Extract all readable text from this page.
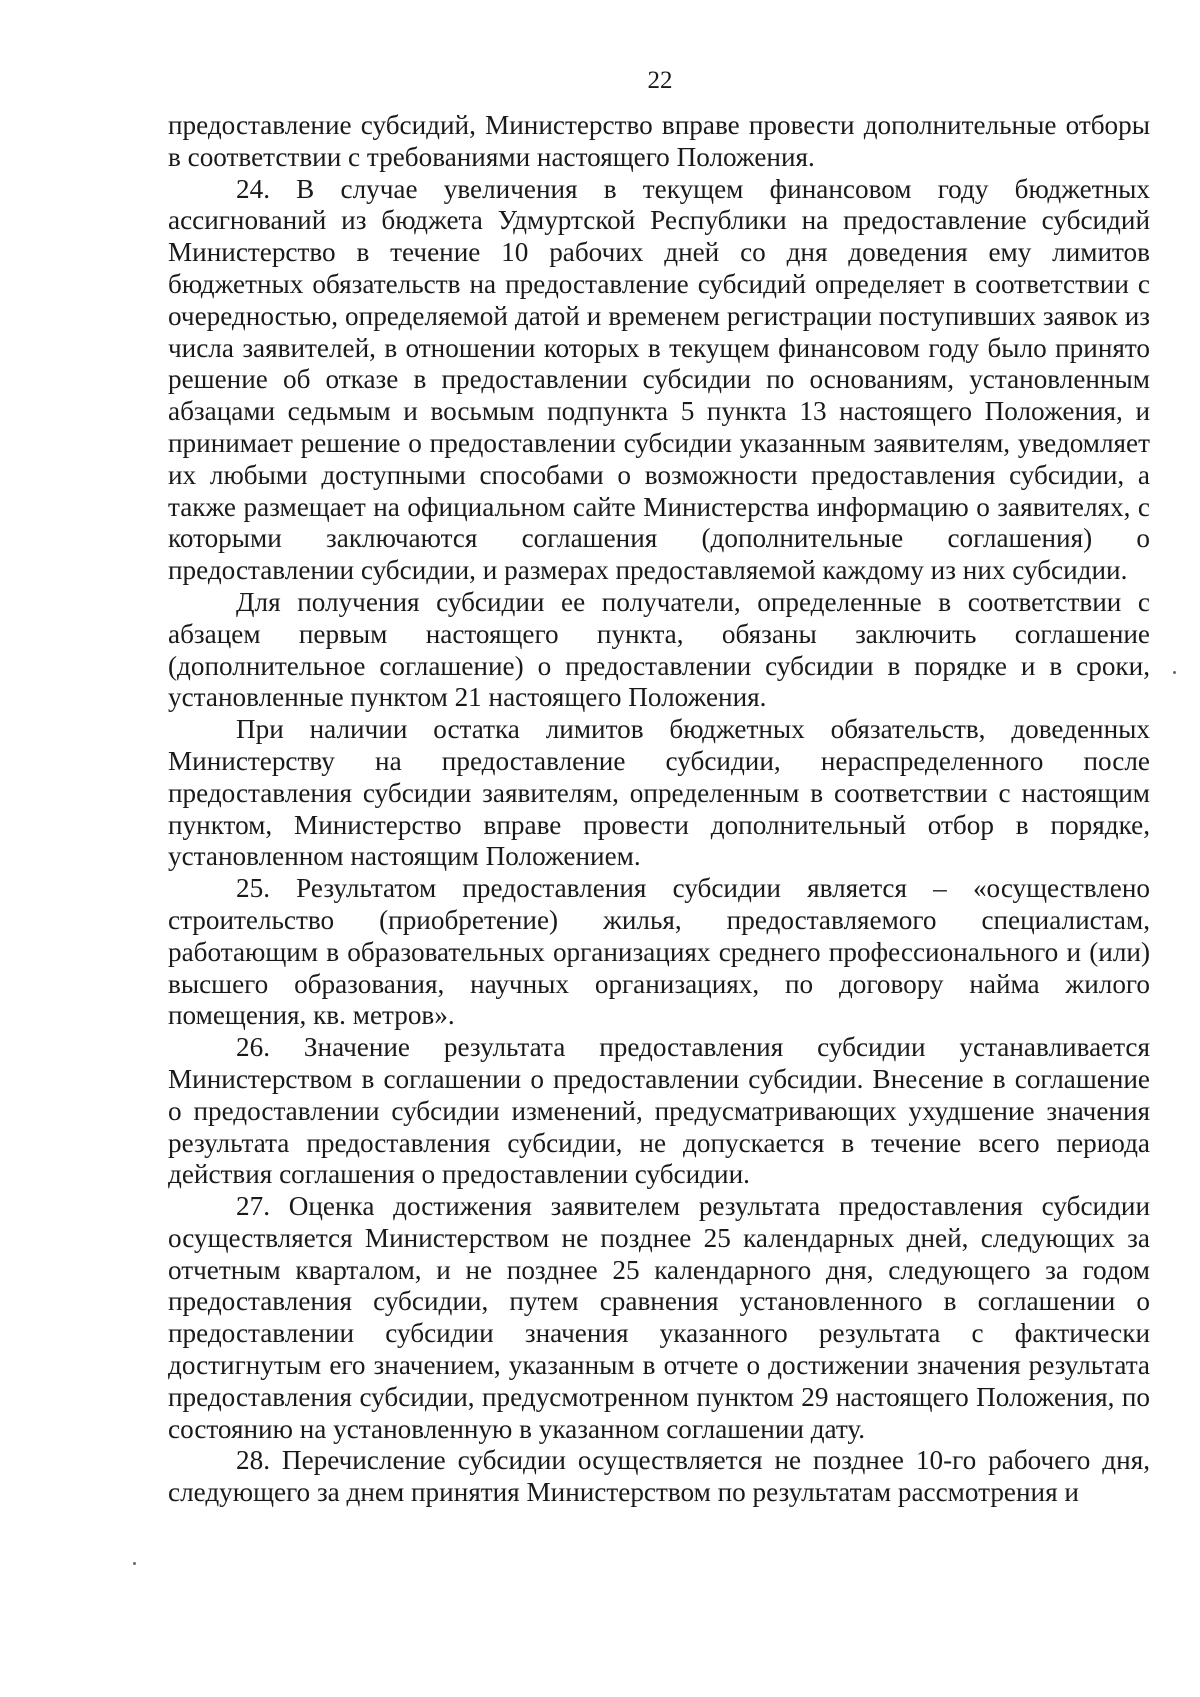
22

предоставление субсидий, Министерство вправе провести дополнительные отборы в соответствии с требованиями настоящего Положения.

24. В случае увеличения в текущем финансовом году бюджетных ассигнований из бюджета Удмуртской Республики на предоставление субсидий Министерство в течение 10 рабочих дней со дня доведения ему лимитов бюджетных обязательств на предоставление субсидий определяет в соответствии с очередностью, определяемой датой и временем регистрации поступивших заявок из числа заявителей, в отношении которых в текущем финансовом году было принято решение об отказе в предоставлении субсидии по основаниям, установленным абзацами седьмым и восьмым подпункта 5 пункта 13 настоящего Положения, и принимает решение о предоставлении субсидии указанным заявителям, уведомляет их любыми доступными способами о возможности предоставления субсидии, а также размещает на официальном сайте Министерства информацию о заявителях, с которыми заключаются соглашения (дополнительные соглашения) о предоставлении субсидии, и размерах предоставляемой каждому из них субсидии.

Для получения субсидии ее получатели, определенные в соответствии с абзацем первым настоящего пункта, обязаны заключить соглашение (дополнительное соглашение) о предоставлении субсидии в порядке и в сроки, установленные пунктом 21 настоящего Положения.

При наличии остатка лимитов бюджетных обязательств, доведенных Министерству на предоставление субсидии, нераспределенного после предоставления субсидии заявителям, определенным в соответствии с настоящим пунктом, Министерство вправе провести дополнительный отбор в порядке, установленном настоящим Положением.

25. Результатом предоставления субсидии является – «осуществлено строительство (приобретение) жилья, предоставляемого специалистам, работающим в образовательных организациях среднего профессионального и (или) высшего образования, научных организациях, по договору найма жилого помещения, кв. метров».

26. Значение результата предоставления субсидии устанавливается Министерством в соглашении о предоставлении субсидии. Внесение в соглашение о предоставлении субсидии изменений, предусматривающих ухудшение значения результата предоставления субсидии, не допускается в течение всего периода действия соглашения о предоставлении субсидии.

27. Оценка достижения заявителем результата предоставления субсидии осуществляется Министерством не позднее 25 календарных дней, следующих за отчетным кварталом, и не позднее 25 календарного дня, следующего за годом предоставления субсидии, путем сравнения установленного в соглашении о предоставлении субсидии значения указанного результата с фактически достигнутым его значением, указанным в отчете о достижении значения результата предоставления субсидии, предусмотренном пунктом 29 настоящего Положения, по состоянию на установленную в указанном соглашении дату.

28. Перечисление субсидии осуществляется не позднее 10-го рабочего дня, следующего за днем принятия Министерством по результатам рассмотрения и
